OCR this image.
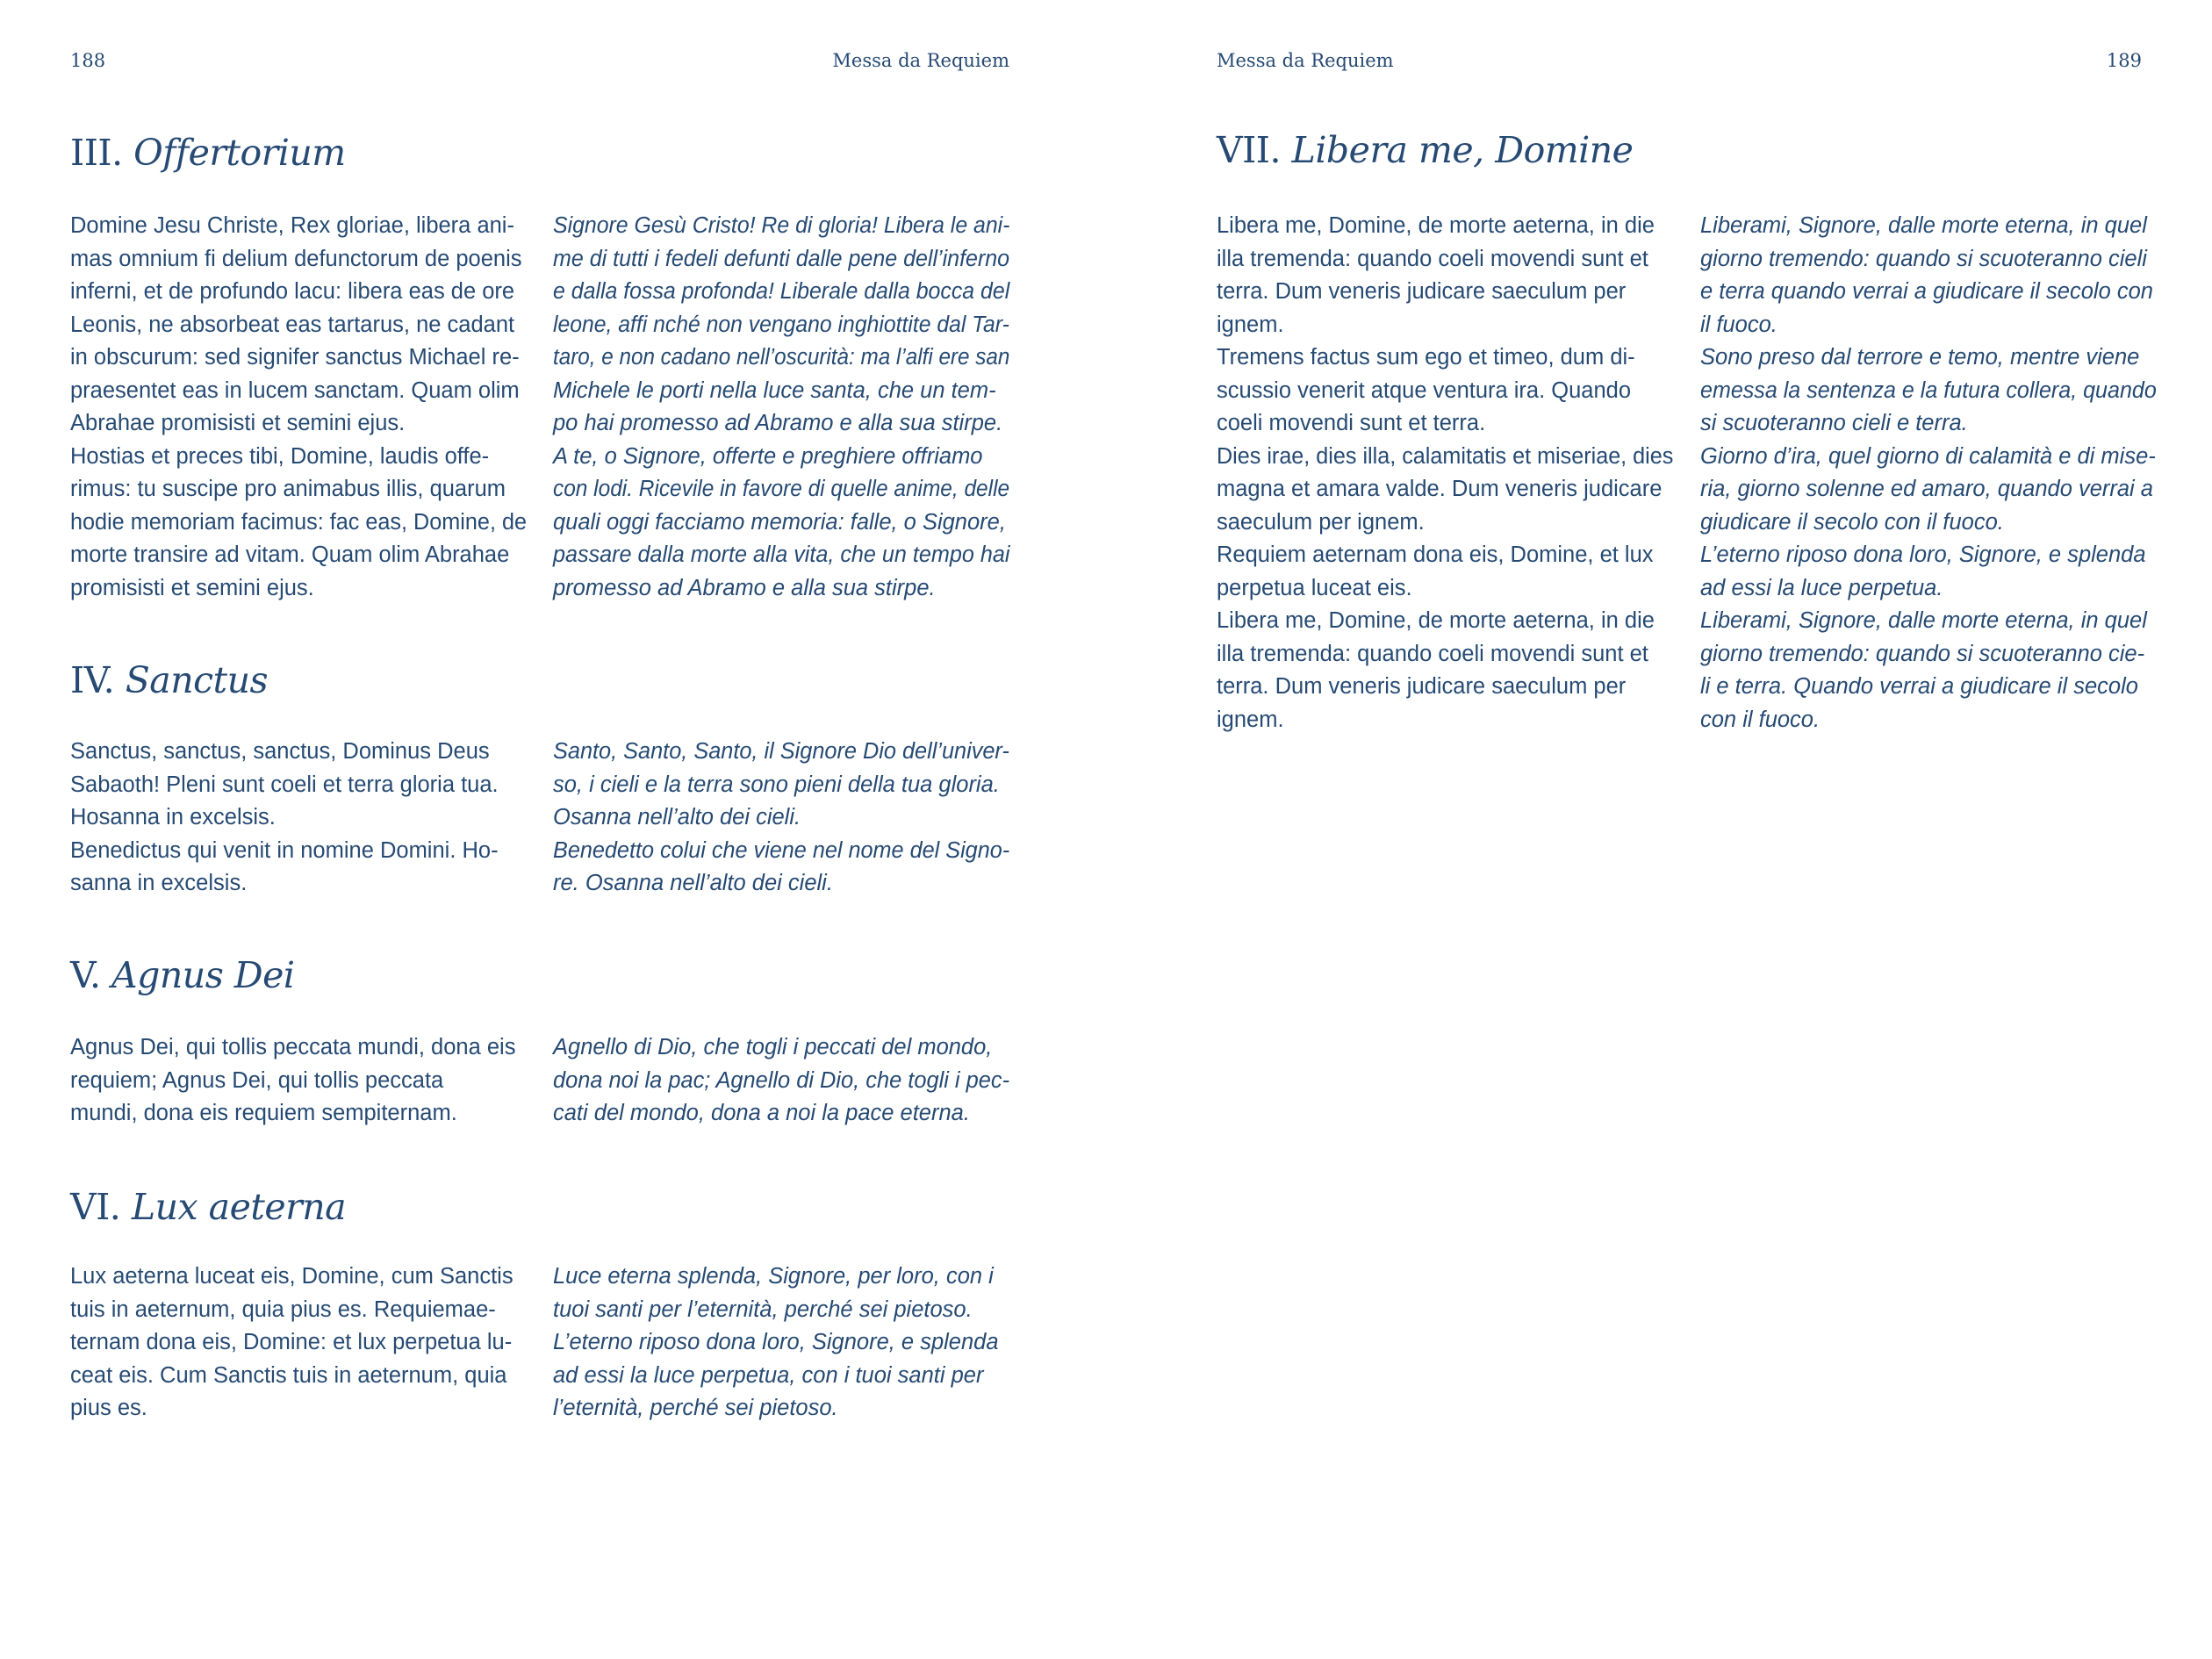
188	Messa da Requiem
III. Offertorium
Domine Jesu Christe, Rex gloriae, libera ani-
mas omnium fi delium defunctorum de poenis
inferni, et de profundo lacu: libera eas de ore
Leonis, ne absorbeat eas tartarus, ne cadant
in obscurum: sed signifer sanctus Michael re-
praesentet eas in lucem sanctam. Quam olim
Abrahae promisisti et semini ejus.
Hostias et preces tibi, Domine, laudis offe-
rimus: tu suscipe pro animabus illis, quarum
hodie memoriam facimus: fac eas, Domine, de
morte transire ad vitam. Quam olim Abrahae
promisisti et semini ejus.
Signore Gesù Cristo! Re di gloria! Libera le ani-
me di tutti i fedeli defunti dalle pene dell’inferno
e dalla fossa profonda! Liberale dalla bocca del
leone, affi nché non vengano inghiottite dal Tar-
taro, e non cadano nell’oscurità: ma l’alfi ere san
Michele le porti nella luce santa, che un tem-
po hai promesso ad Abramo e alla sua stirpe.
A te, o Signore, offerte e preghiere offriamo
con lodi. Ricevile in favore di quelle anime, delle
quali oggi facciamo memoria: falle, o Signore,
passare dalla morte alla vita, che un tempo hai
promesso ad Abramo e alla sua stirpe.
IV. Sanctus
Sanctus, sanctus, sanctus, Dominus Deus
Sabaoth! Pleni sunt coeli et terra gloria tua.
Hosanna in excelsis.
Benedictus qui venit in nomine Domini. Ho-
sanna in excelsis.
Santo, Santo, Santo, il Signore Dio dell’univer-
so, i cieli e la terra sono pieni della tua gloria.
Osanna nell’alto dei cieli.
Benedetto colui che viene nel nome del Signo-
re. Osanna nell’alto dei cieli.
V. Agnus Dei
Agnus Dei, qui tollis peccata mundi, dona eis
requiem; Agnus Dei, qui tollis peccata
mundi, dona eis requiem sempiternam.
Agnello di Dio, che togli i peccati del mondo,
dona noi la pac; Agnello di Dio, che togli i pec-
cati del mondo, dona a noi la pace eterna.
VI. Lux aeterna
Lux aeterna luceat eis, Domine, cum Sanctis
tuis in aeternum, quia pius es. Requiemae-
ternam dona eis, Domine: et lux perpetua lu-
ceat eis. Cum Sanctis tuis in aeternum, quia
pius es.
Luce eterna splenda, Signore, per loro, con i
tuoi santi per l’eternità, perché sei pietoso.
L’eterno riposo dona loro, Signore, e splenda
ad essi la luce perpetua, con i tuoi santi per
l’eternità, perché sei pietoso.
Messa da Requiem	189
VII. Libera me, Domine
Libera me, Domine, de morte aeterna, in die
illa tremenda: quando coeli movendi sunt et
terra. Dum veneris judicare saeculum per
ignem.
Tremens factus sum ego et timeo, dum di-
scussio venerit atque ventura ira. Quando
coeli movendi sunt et terra.
Dies irae, dies illa, calamitatis et miseriae, dies
magna et amara valde. Dum veneris judicare
saeculum per ignem.
Requiem aeternam dona eis, Domine, et lux
perpetua luceat eis.
Libera me, Domine, de morte aeterna, in die
illa tremenda: quando coeli movendi sunt et
terra. Dum veneris judicare saeculum per
ignem.
Liberami, Signore, dalle morte eterna, in quel
giorno tremendo: quando si scuoteranno cieli
e terra quando verrai a giudicare il secolo con
il fuoco.
Sono preso dal terrore e temo, mentre viene
emessa la sentenza e la futura collera, quando
si scuoteranno cieli e terra.
Giorno d’ira, quel giorno di calamità e di mise-
ria, giorno solenne ed amaro, quando verrai a
giudicare il secolo con il fuoco.
L’eterno riposo dona loro, Signore, e splenda
ad essi la luce perpetua.
Liberami, Signore, dalle morte eterna, in quel
giorno tremendo: quando si scuoteranno cie-
li e terra. Quando verrai a giudicare il secolo
con il fuoco.
